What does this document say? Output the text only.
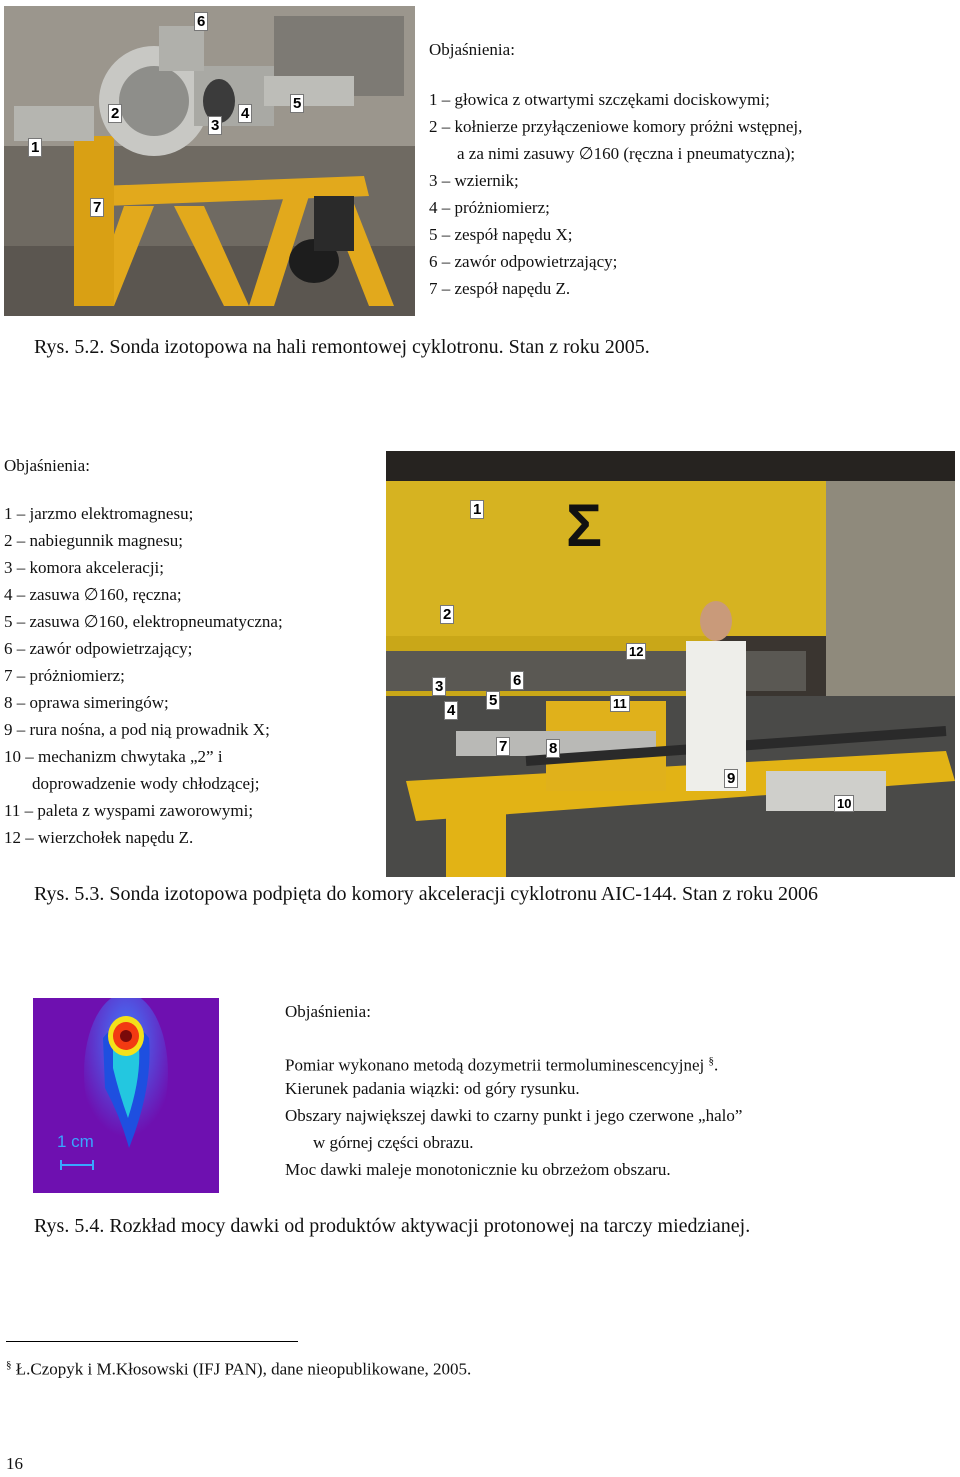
1
2
3
4
5
6
7
Objaśnienia:
1 – głowica z otwartymi szczękami dociskowymi;
2 – kołnierze przyłączeniowe komory próżni wstępnej,
a za nimi zasuwy ∅160 (ręczna i pneumatyczna);
3 – wziernik;
4 – próżniomierz;
5 – zespół napędu X;
6 – zawór odpowietrzający;
7 – zespół napędu Z.
Rys. 5.2. Sonda izotopowa na hali remontowej cyklotronu. Stan z roku 2005.
Objaśnienia:
1 – jarzmo elektromagnesu;
2 – nabiegunnik magnesu;
3 – komora akceleracji;
4 – zasuwa ∅160, ręczna;
5 – zasuwa ∅160, elektropneumatyczna;
6 – zawór odpowietrzający;
7 – próżniomierz;
8 – oprawa simeringów;
9 – rura nośna, a pod nią prowadnik X;
10 – mechanizm chwytaka „2” i
doprowadzenie wody chłodzącej;
11 – paleta z wyspami zaworowymi;
12 – wierzchołek napędu Z.
Σ
1
2
3
4
5
6
7	8
9
10
11
12
Rys. 5.3. Sonda izotopowa podpięta do komory akceleracji cyklotronu AIC-144. Stan z roku 2006
1 cm
Objaśnienia:
Pomiar wykonano metodą dozymetrii termoluminescencyjnej §.
Kierunek padania wiązki: od góry rysunku.
Obszary największej dawki to czarny punkt i jego czerwone „halo”
w górnej części obrazu.
Moc dawki maleje monotonicznie ku obrzeżom obszaru.
Rys. 5.4. Rozkład mocy dawki od produktów aktywacji protonowej na tarczy miedzianej.
§ Ł.Czopyk i M.Kłosowski (IFJ PAN), dane nieopublikowane, 2005.
16
